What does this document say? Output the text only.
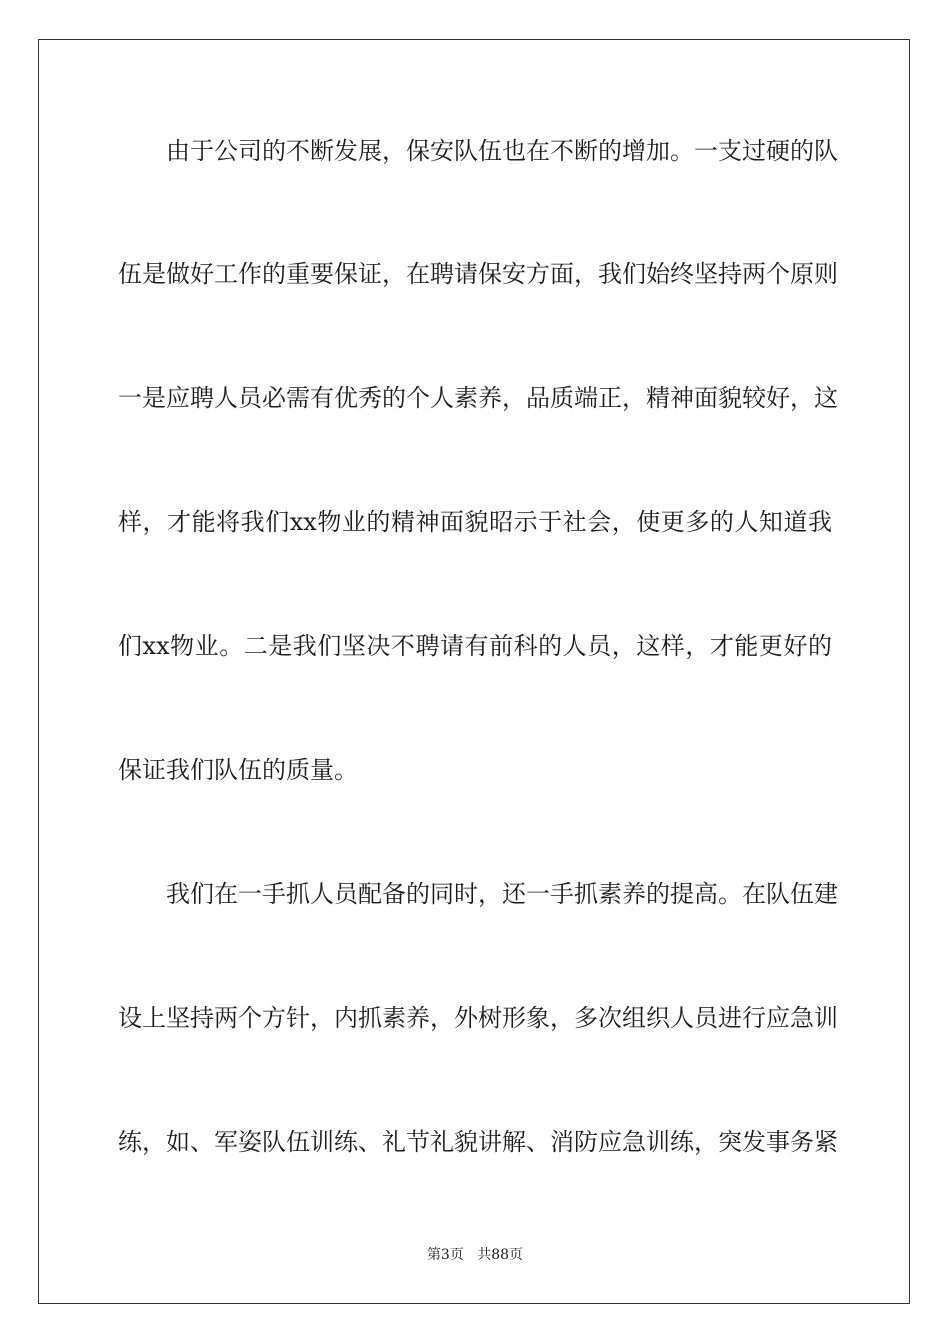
由于公司的不断发展，保安队伍也在不断的增加。一支过硬的队
伍是做好工作的重要保证，在聘请保安方面，我们始终坚持两个原则
一是应聘人员必需有优秀的个人素养，品质端正，精神面貌较好，这
样，才能将我们xx物业的精神面貌昭示于社会，使更多的人知道我
们xx物业。二是我们坚决不聘请有前科的人员，这样，才能更好的
保证我们队伍的质量。
我们在一手抓人员配备的同时，还一手抓素养的提高。在队伍建
设上坚持两个方针，内抓素养，外树形象，多次组织人员进行应急训
练，如、军姿队伍训练、礼节礼貌讲解、消防应急训练，突发事务紧
第3页 共88页
